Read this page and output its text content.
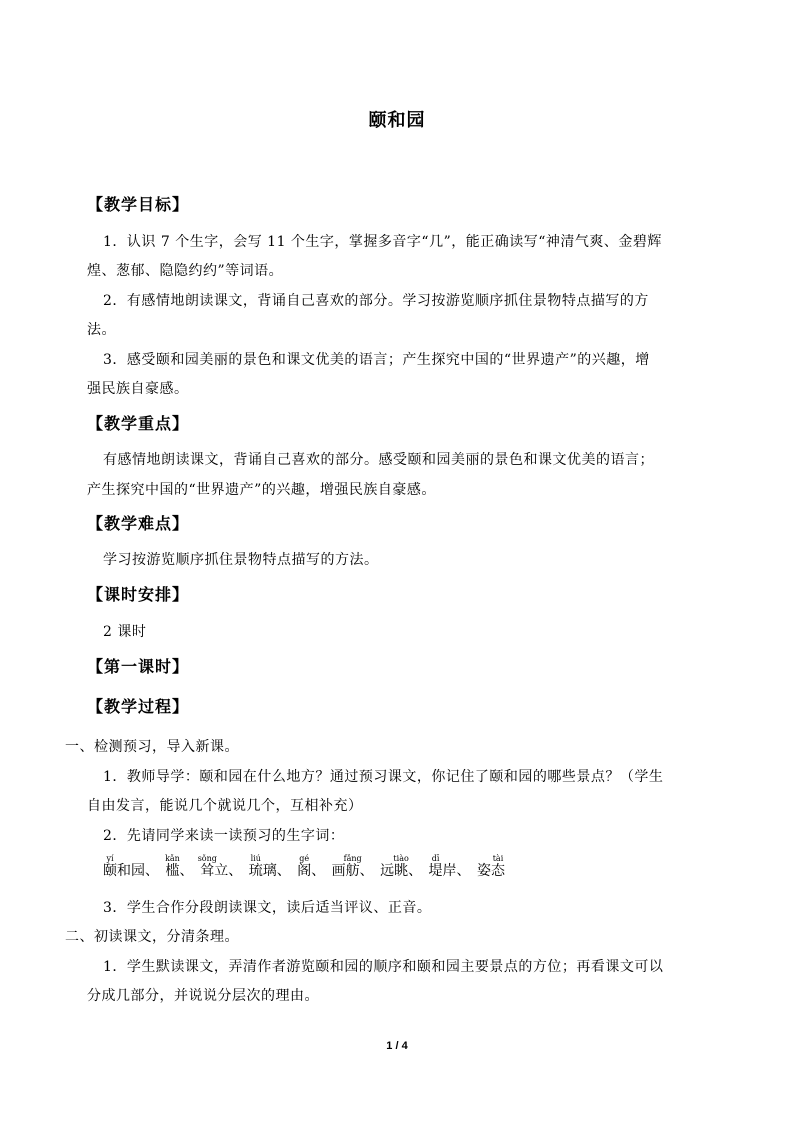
颐和园
【教学目标】
1．认识 7 个生字，会写 11 个生字，掌握多音字“几”，能正确读写“神清气爽、金碧辉
煌、葱郁、隐隐约约”等词语。
2．有感情地朗读课文，背诵自己喜欢的部分。学习按游览顺序抓住景物特点描写的方
法。
3．感受颐和园美丽的景色和课文优美的语言；产生探究中国的“世界遗产”的兴趣，增
强民族自豪感。
【教学重点】
有感情地朗读课文，背诵自己喜欢的部分。感受颐和园美丽的景色和课文优美的语言；
产生探究中国的“世界遗产”的兴趣，增强民族自豪感。
【教学难点】
学习按游览顺序抓住景物特点描写的方法。
【课时安排】
2 课时
【第一课时】
【教学过程】
一、检测预习，导入新课。
1．教师导学：颐和园在什么地方？通过预习课文，你记住了颐和园的哪些景点？（学生
自由发言，能说几个就说几个，互相补充）
2．先请同学来读一读预习的生字词：
颐yí和园、 槛kǎn、 耸sǒng立、 琉liú璃、 阁gé、 画舫fǎng、 远眺tiào、 堤dī岸、 姿态tài
3．学生合作分段朗读课文，读后适当评议、正音。
二、初读课文，分清条理。
1．学生默读课文，弄清作者游览颐和园的顺序和颐和园主要景点的方位；再看课文可以
分成几部分，并说说分层次的理由。
1 / 4
